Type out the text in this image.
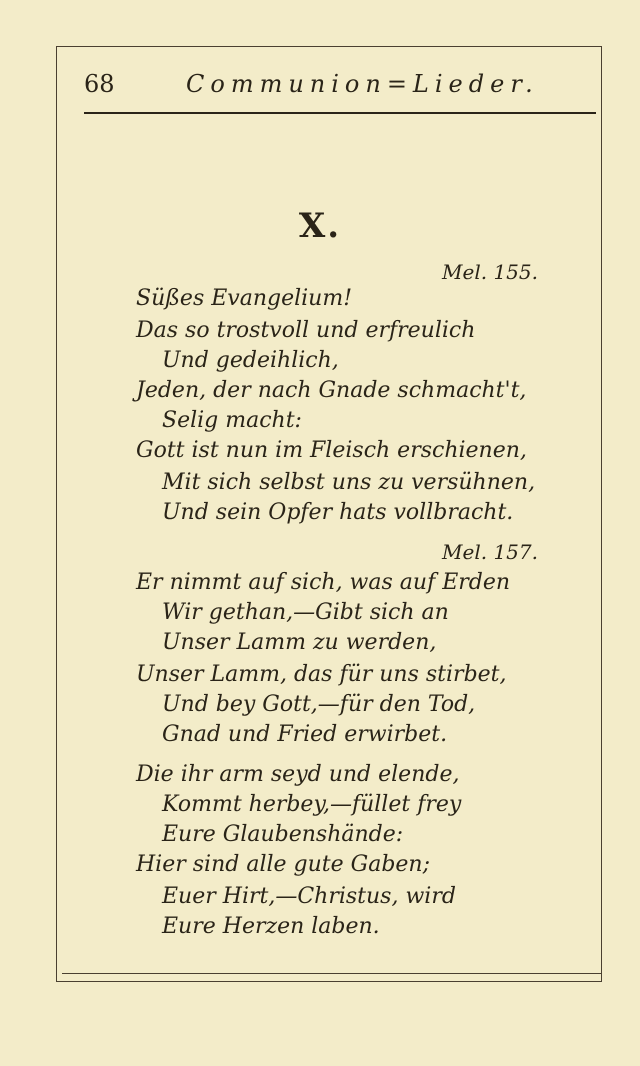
68	Communion=Lieder.
X.
Mel. 155.
Süßes Evangelium!
Das so trostvoll und erfreulich
Und gedeihlich,
Jeden, der nach Gnade schmacht't,
Selig macht:
Gott ist nun im Fleisch erschienen,
Mit sich selbst uns zu versühnen,
Und sein Opfer hats vollbracht.
Mel. 157.
Er nimmt auf sich, was auf Erden
Wir gethan,—Gibt sich an
Unser Lamm zu werden,
Unser Lamm, das für uns stirbet,
Und bey Gott,—für den Tod,
Gnad und Fried erwirbet.
Die ihr arm seyd und elende,
Kommt herbey,—füllet frey
Eure Glaubenshände:
Hier sind alle gute Gaben;
Euer Hirt,—Christus, wird
Eure Herzen laben.
